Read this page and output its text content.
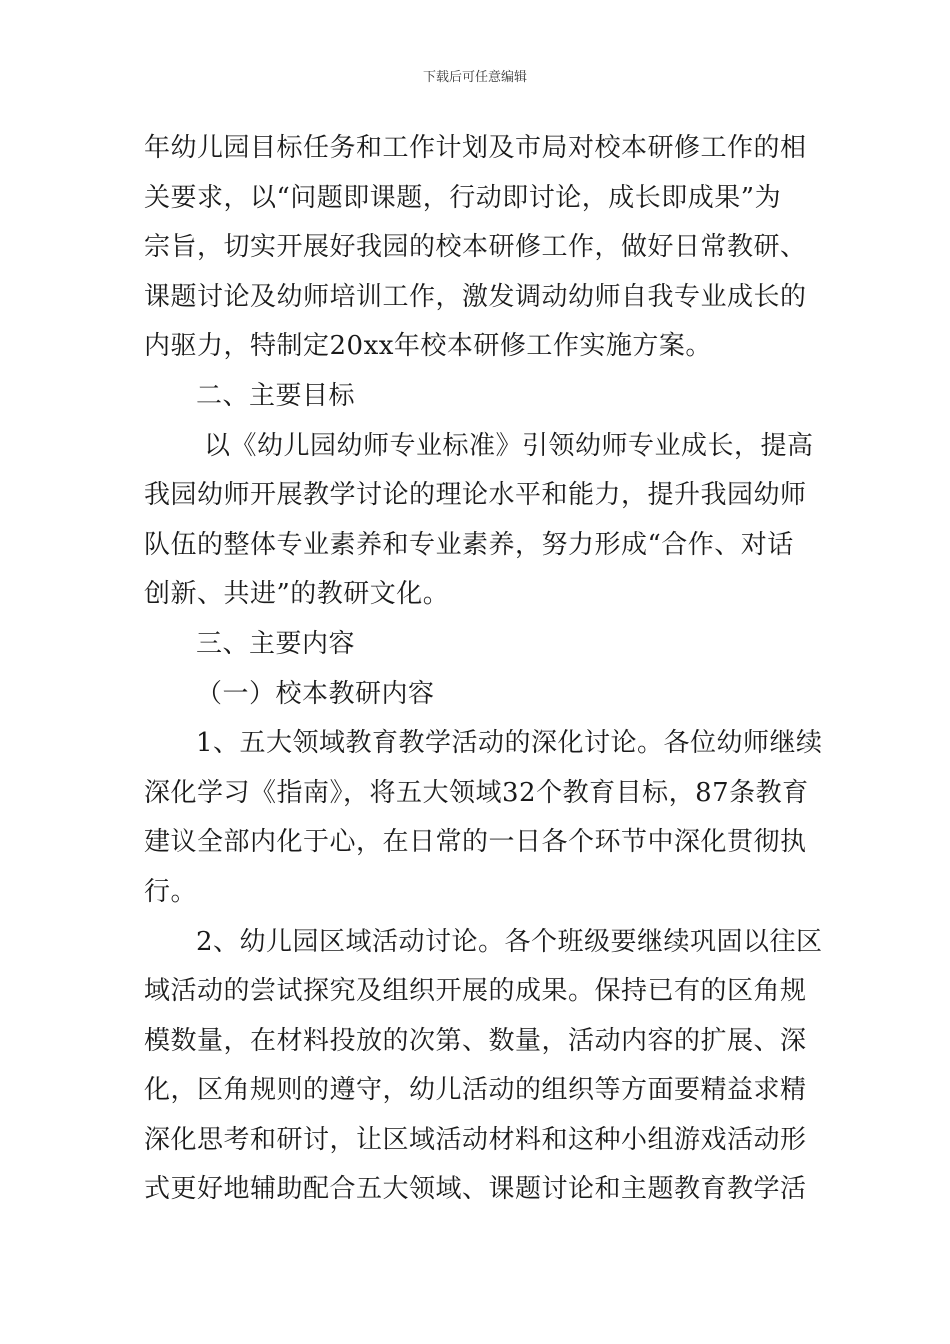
下载后可任意编辑
年幼儿园目标任务和工作计划及市局对校本研修工作的相
关要求，以“问题即课题，行动即讨论，成长即成果”为
宗旨，切实开展好我园的校本研修工作，做好日常教研、
课题讨论及幼师培训工作，激发调动幼师自我专业成长的
内驱力，特制定20xx年校本研修工作实施方案。
二、主要目标
以《幼儿园幼师专业标准》引领幼师专业成长，提高
我园幼师开展教学讨论的理论水平和能力，提升我园幼师
队伍的整体专业素养和专业素养，努力形成“合作、对话
创新、共进”的教研文化。
三、主要内容
（一）校本教研内容
1、五大领域教育教学活动的深化讨论。各位幼师继续
深化学习《指南》，将五大领域32个教育目标，87条教育
建议全部内化于心，在日常的一日各个环节中深化贯彻执
行。
2、幼儿园区域活动讨论。各个班级要继续巩固以往区
域活动的尝试探究及组织开展的成果。保持已有的区角规
模数量，在材料投放的次第、数量，活动内容的扩展、深
化，区角规则的遵守，幼儿活动的组织等方面要精益求精
深化思考和研讨，让区域活动材料和这种小组游戏活动形
式更好地辅助配合五大领域、课题讨论和主题教育教学活
